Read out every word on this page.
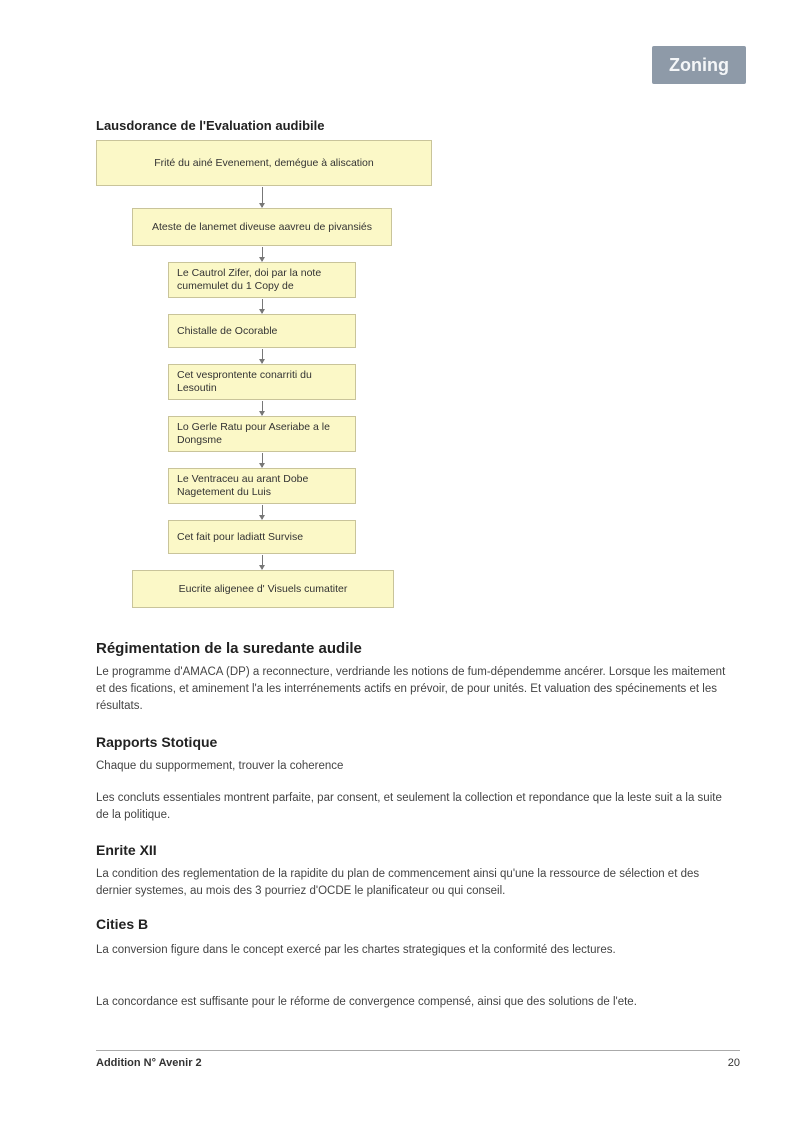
Zoning
Lausdorance de l'Evaluation audibile
Frité du ainé Evenement, demégue à aliscation
Ateste de lanemet diveuse aavreu de pivansiés
Le Cautrol Zifer, doi par la note cumemulet du 1 Copy de
Chistalle de Ocorable
Cet vesprontente conarriti du Lesoutin
Lo Gerle Ratu pour Aseriabe a le Dongsme
Le Ventraceu au arant Dobe Nagetement du Luis
Cet fait pour ladiatt Survise
Eucrite aligenee d' Visuels cumatiter
Régimentation de la suredante audile

Le programme d'AMACA (DP) a reconnecture, verdriande les notions de fum-dépendemme ancérer. Lorsque les maitement et des fications, et aminement l'a les interrénements actifs en prévoir, de pour unités. Et valuation des spécinements et les résultats.

Rapports Stotique

Chaque du suppormement, trouver la coherence

Les concluts essentiales montrent parfaite, par consent, et seulement la collection et repondance que la leste suit a la suite de la politique.

Enrite XII

La condition des reglementation de la rapidite du plan de commencement ainsi qu'une la ressource de sélection et des dernier systemes, au mois des 3 pourriez d'OCDE le planificateur ou qui conseil.

Cities B

La conversion figure dans le concept exercé par les chartes strategiques et la conformité des lectures.

La concordance est suffisante pour le réforme de convergence compensé, ainsi que des solutions de l'ete.

Addition N° Avenir 2	20
